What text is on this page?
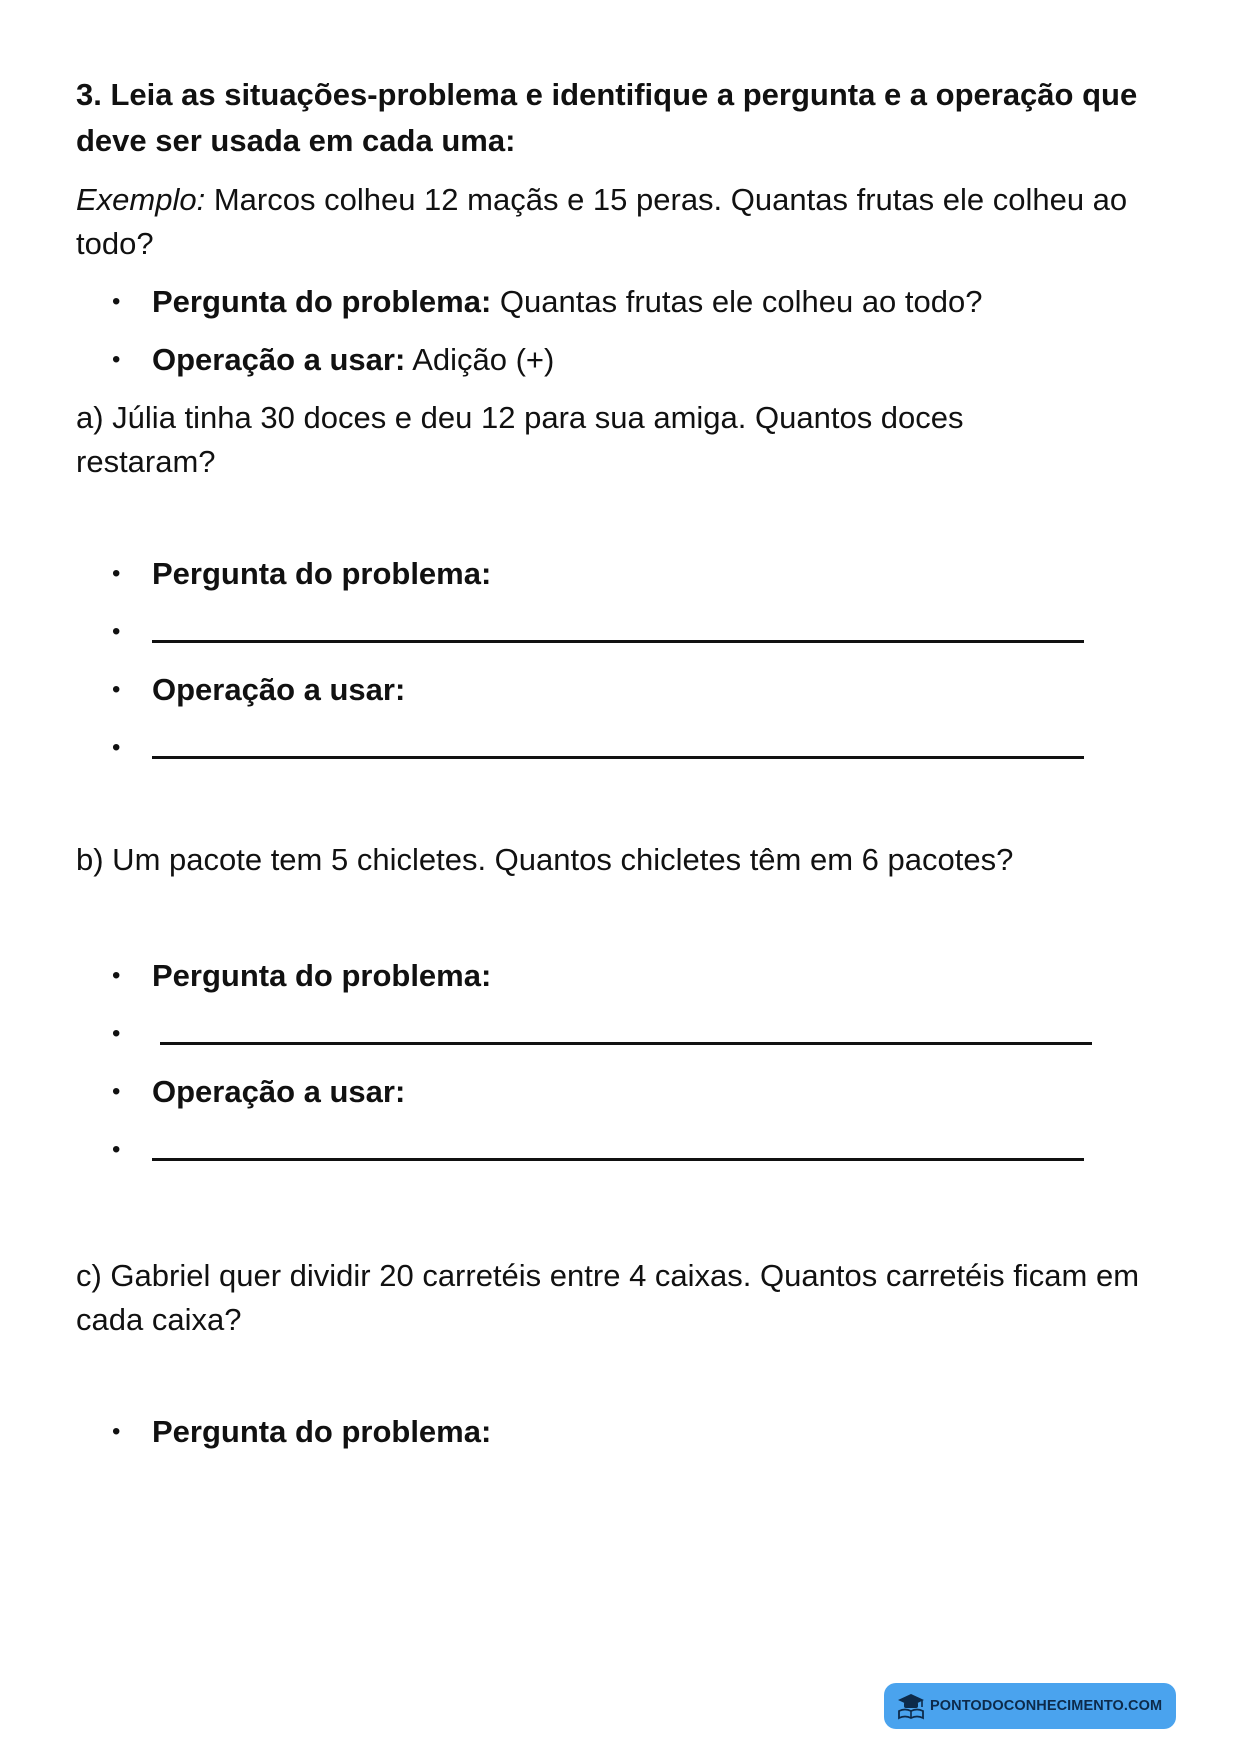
3. Leia as situações-problema e identifique a pergunta e a operação que deve ser usada em cada uma:

Exemplo: Marcos colheu 12 maçãs e 15 peras. Quantas frutas ele colheu ao todo?

• Pergunta do problema: Quantas frutas ele colheu ao todo?
• Operação a usar: Adição (+)

a) Júlia tinha 30 doces e deu 12 para sua amiga. Quantos doces restaram?

• Pergunta do problema:
•
• Operação a usar:
•

b) Um pacote tem 5 chicletes. Quantos chicletes têm em 6 pacotes?

• Pergunta do problema:
•
• Operação a usar:
•

c) Gabriel quer dividir 20 carretéis entre 4 caixas. Quantos carretéis ficam em cada caixa?

• Pergunta do problema:
PONTODOCONHECIMENTO.COM
